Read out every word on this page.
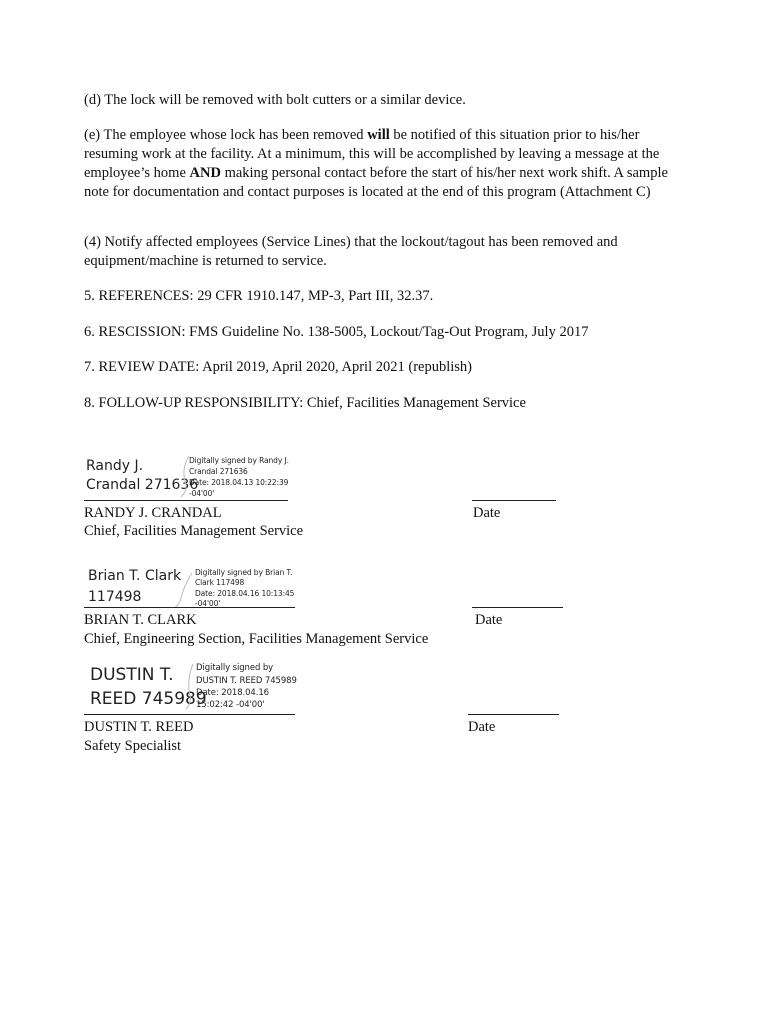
(d) The lock will be removed with bolt cutters or a similar device.

(e) The employee whose lock has been removed will be notified of this situation prior to his/her resuming work at the facility. At a minimum, this will be accomplished by leaving a message at the employee’s home AND making personal contact before the start of his/her next work shift. A sample note for documentation and contact purposes is located at the end of this program (Attachment C)

(4) Notify affected employees (Service Lines) that the lockout/tagout has been removed and equipment/machine is returned to service.

5. REFERENCES: 29 CFR 1910.147, MP-3, Part III, 32.37.

6. RESCISSION: FMS Guideline No. 138-5005, Lockout/Tag-Out Program, July 2017

7. REVIEW DATE: April 2019, April 2020, April 2021 (republish)

8. FOLLOW-UP RESPONSIBILITY: Chief, Facilities Management Service

Randy J.
Crandal 271636
Digitally signed by Randy J.
Crandal 271636
Date: 2018.04.13 10:22:39
-04'00'

RANDY J. CRANDAL	Date

Chief, Facilities Management Service

Brian T. Clark
117498
Digitally signed by Brian T.
Clark 117498
Date: 2018.04.16 10:13:45
-04'00'

BRIAN T. CLARK	Date

Chief, Engineering Section, Facilities Management Service

DUSTIN T.
REED 745989
Digitally signed by
DUSTIN T. REED 745989
Date: 2018.04.16
15:02:42 -04'00'

DUSTIN T. REED	Date

Safety Specialist
